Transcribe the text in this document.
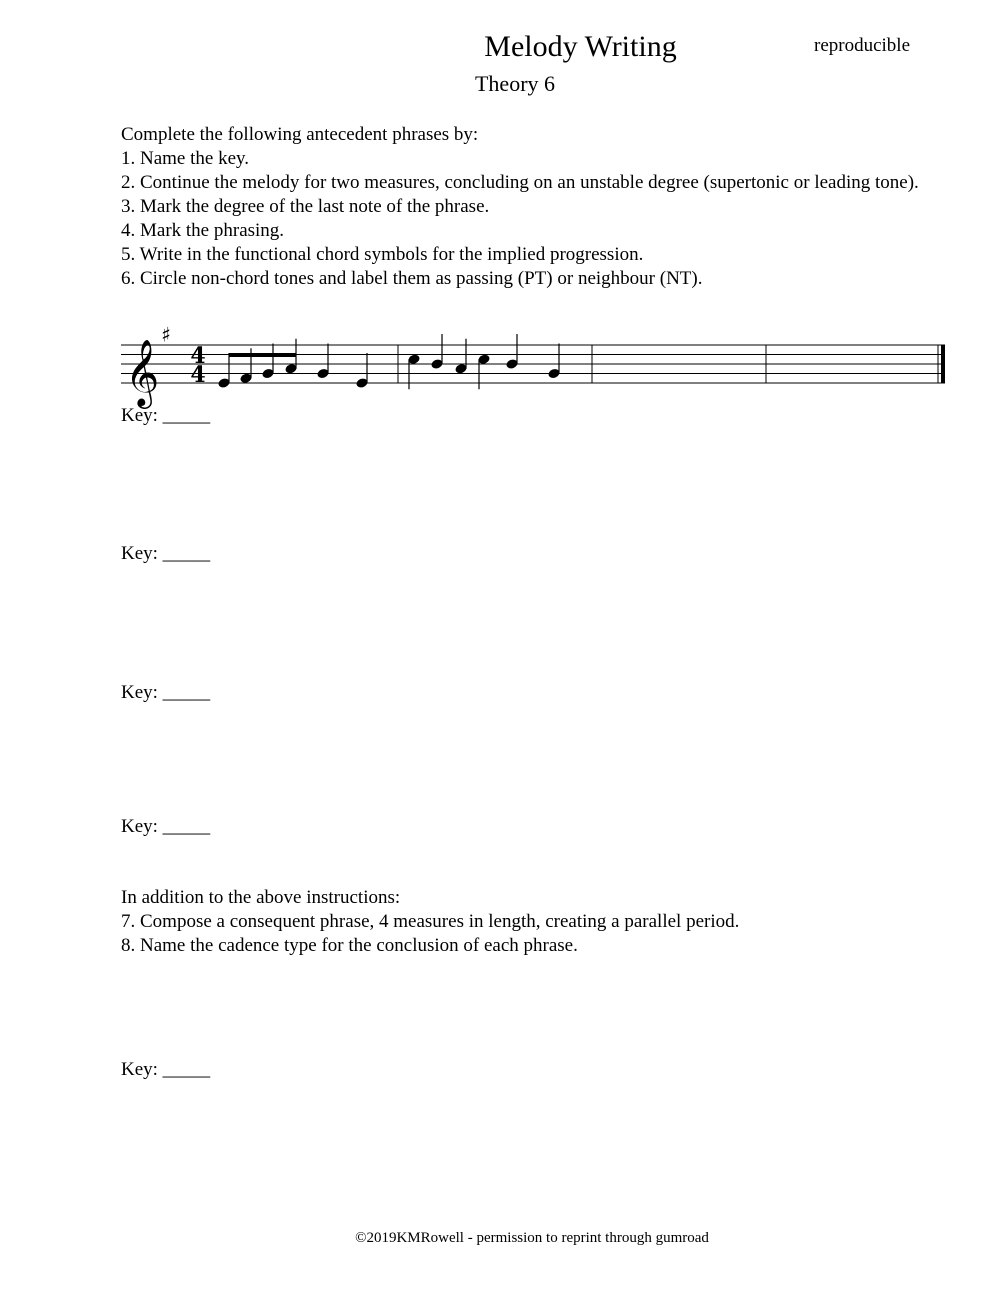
Melody Writing
Theory 6
reproducible

Complete the following antecedent phrases by:

1. Name the key.

2. Continue the melody for two measures, concluding on an unstable degree (supertonic or leading tone).

3. Mark the degree of the last note of the phrase.

4. Mark the phrasing.

5. Write in the functional chord symbols for the implied progression.

6. Circle non-chord tones and label them as passing (PT) or neighbour (NT).

Key: _____
Key: _____
Key: _____
Key: _____

In addition to the above instructions:

7. Compose a consequent phrase, 4 measures in length, creating a parallel period.

8. Name the cadence type for the conclusion of each phrase.

Key: _____
©2019KMRowell - permission to reprint through gumroad
𝄞
♯
4
4
